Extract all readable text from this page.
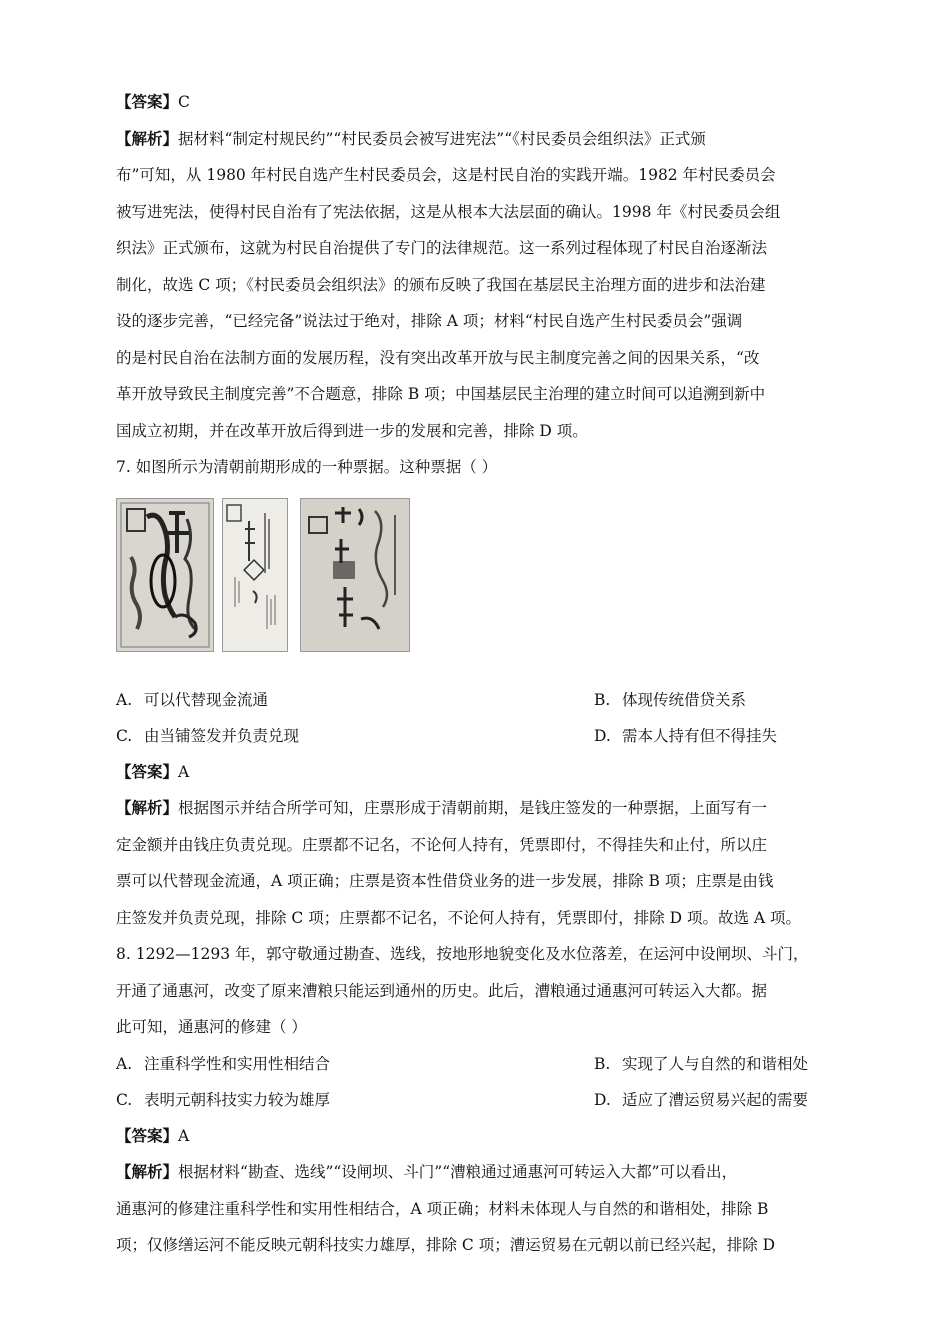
【答案】C

【解析】据材料“制定村规民约”“村民委员会被写进宪法”“《村民委员会组织法》正式颁

布”可知，从 1980 年村民自选产生村民委员会，这是村民自治的实践开端。1982 年村民委员会

被写进宪法，使得村民自治有了宪法依据，这是从根本大法层面的确认。1998 年《村民委员会组

织法》正式颁布，这就为村民自治提供了专门的法律规范。这一系列过程体现了村民自治逐渐法

制化，故选 C 项；《村民委员会组织法》的颁布反映了我国在基层民主治理方面的进步和法治建

设的逐步完善，“已经完备”说法过于绝对，排除 A 项；材料“村民自选产生村民委员会”强调

的是村民自治在法制方面的发展历程，没有突出改革开放与民主制度完善之间的因果关系，“改

革开放导致民主制度完善”不合题意，排除 B 项；中国基层民主治理的建立时间可以追溯到新中

国成立初期，并在改革开放后得到进一步的发展和完善，排除 D 项。

7. 如图所示为清朝前期形成的一种票据。这种票据（ ）

A. 可以代替现金流通	B. 体现传统借贷关系
C. 由当铺签发并负责兑现	D. 需本人持有但不得挂失

【答案】A

【解析】根据图示并结合所学可知，庄票形成于清朝前期，是钱庄签发的一种票据，上面写有一

定金额并由钱庄负责兑现。庄票都不记名，不论何人持有，凭票即付，不得挂失和止付，所以庄

票可以代替现金流通，A 项正确；庄票是资本性借贷业务的进一步发展，排除 B 项；庄票是由钱

庄签发并负责兑现，排除 C 项；庄票都不记名，不论何人持有，凭票即付，排除 D 项。故选 A 项。

8. 1292—1293 年，郭守敬通过勘查、选线，按地形地貌变化及水位落差，在运河中设闸坝、斗门，

开通了通惠河，改变了原来漕粮只能运到通州的历史。此后，漕粮通过通惠河可转运入大都。据

此可知，通惠河的修建（ ）

A. 注重科学性和实用性相结合	B. 实现了人与自然的和谐相处
C. 表明元朝科技实力较为雄厚	D. 适应了漕运贸易兴起的需要

【答案】A

【解析】根据材料“勘查、选线”“设闸坝、斗门”“漕粮通过通惠河可转运入大都”可以看出，

通惠河的修建注重科学性和实用性相结合，A 项正确；材料未体现人与自然的和谐相处，排除 B

项；仅修缮运河不能反映元朝科技实力雄厚，排除 C 项；漕运贸易在元朝以前已经兴起，排除 D
